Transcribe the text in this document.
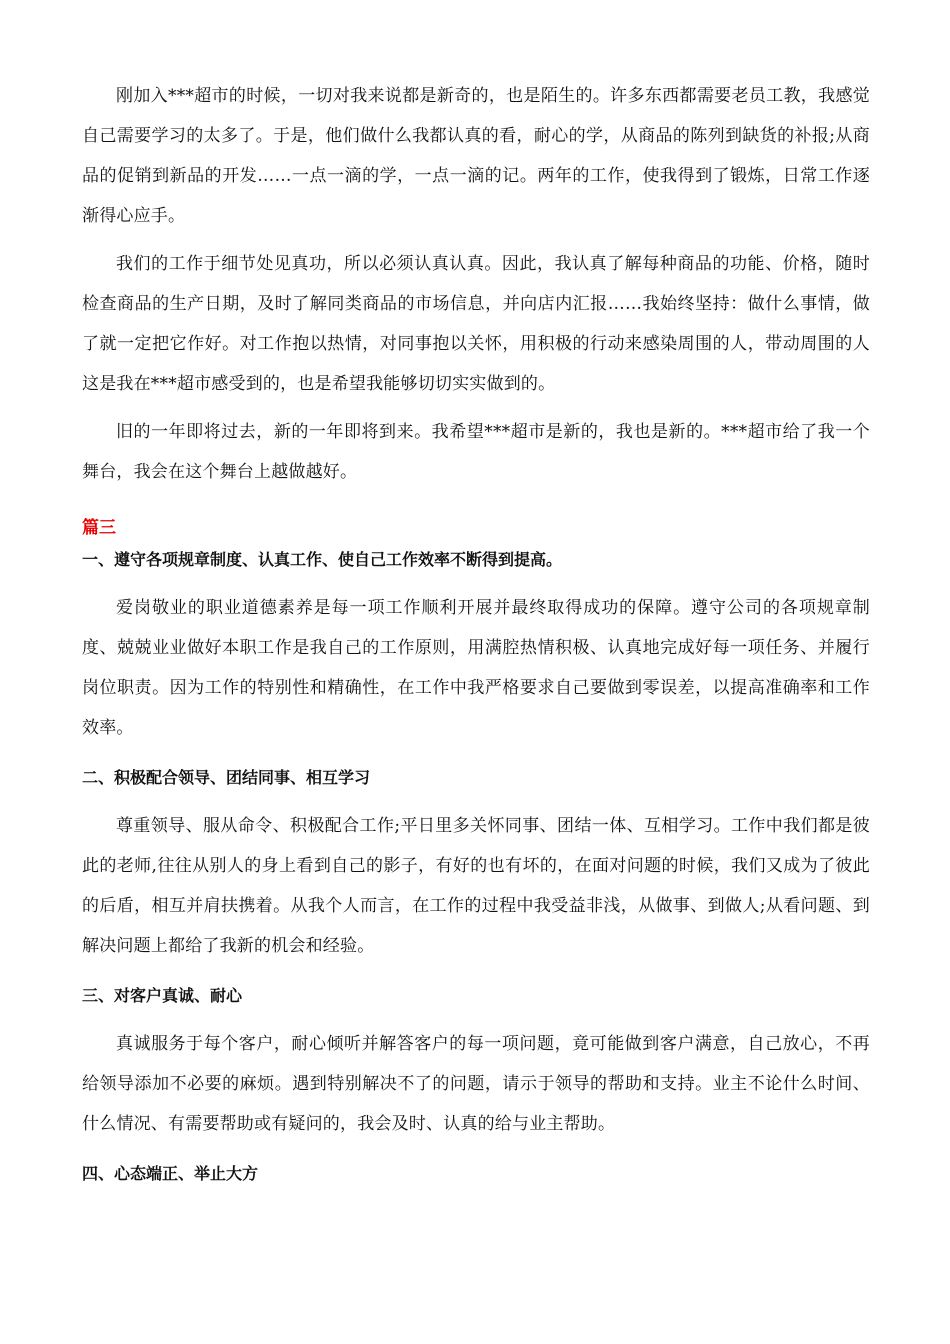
刚加入***超市的时候，一切对我来说都是新奇的，也是陌生的。许多东西都需要老员工教，我感觉自己需要学习的太多了。于是，他们做什么我都认真的看，耐心的学，从商品的陈列到缺货的补报;从商品的促销到新品的开发……一点一滴的学，一点一滴的记。两年的工作，使我得到了锻炼，日常工作逐渐得心应手。

我们的工作于细节处见真功，所以必须认真认真。因此，我认真了解每种商品的功能、价格，随时检查商品的生产日期，及时了解同类商品的市场信息，并向店内汇报……我始终坚持：做什么事情，做了就一定把它作好。对工作抱以热情，对同事抱以关怀，用积极的行动来感染周围的人，带动周围的人这是我在***超市感受到的，也是希望我能够切切实实做到的。

旧的一年即将过去，新的一年即将到来。我希望***超市是新的，我也是新的。***超市给了我一个舞台，我会在这个舞台上越做越好。

篇三
一、遵守各项规章制度、认真工作、使自己工作效率不断得到提高。

爱岗敬业的职业道德素养是每一项工作顺利开展并最终取得成功的保障。遵守公司的各项规章制度、兢兢业业做好本职工作是我自己的工作原则，用满腔热情积极、认真地完成好每一项任务、并履行岗位职责。因为工作的特别性和精确性，在工作中我严格要求自己要做到零误差，以提高准确率和工作效率。

二、积极配合领导、团结同事、相互学习

尊重领导、服从命令、积极配合工作;平日里多关怀同事、团结一体、互相学习。工作中我们都是彼此的老师,往往从别人的身上看到自己的影子，有好的也有坏的，在面对问题的时候，我们又成为了彼此的后盾，相互并肩扶携着。从我个人而言，在工作的过程中我受益非浅，从做事、到做人;从看问题、到解决问题上都给了我新的机会和经验。

三、对客户真诚、耐心

真诚服务于每个客户，耐心倾听并解答客户的每一项问题，竟可能做到客户满意，自己放心，不再给领导添加不必要的麻烦。遇到特别解决不了的问题，请示于领导的帮助和支持。业主不论什么时间、什么情况、有需要帮助或有疑问的，我会及时、认真的给与业主帮助。

四、心态端正、举止大方
